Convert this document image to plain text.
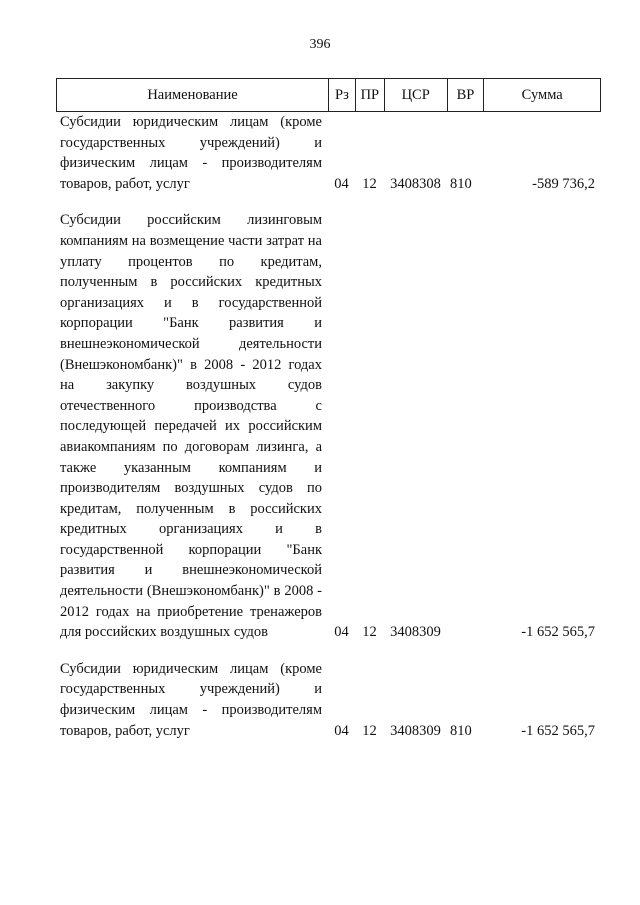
396
Наименование	Рз ПР	ЦСР	ВР	Сумма
Субсидии юридическим лицам (кроме государственных учреждений) и физическим лицам - производителям товаров, работ, услуг	04 12 3408308 810	-589 736,2
Субсидии российским лизинговым компаниям на возмещение части затрат на уплату процентов по кредитам, полученным в российских кредитных организациях и в государственной корпорации "Банк развития и внешнеэкономической деятельности (Внешэкономбанк)" в 2008 - 2012 годах на закупку воздушных судов отечественного производства с последующей передачей их российским авиакомпаниям по договорам лизинга, а также указанным компаниям и производителям воздушных судов по кредитам, полученным в российских кредитных организациях и в государственной корпорации "Банк развития и внешнеэкономической деятельности (Внешэкономбанк)" в 2008 - 2012 годах на приобретение тренажеров для российских воздушных судов	04 12 3408309	-1 652 565,7
Субсидии юридическим лицам (кроме государственных учреждений) и физическим лицам - производителям товаров, работ, услуг	04 12 3408309 810	-1 652 565,7
